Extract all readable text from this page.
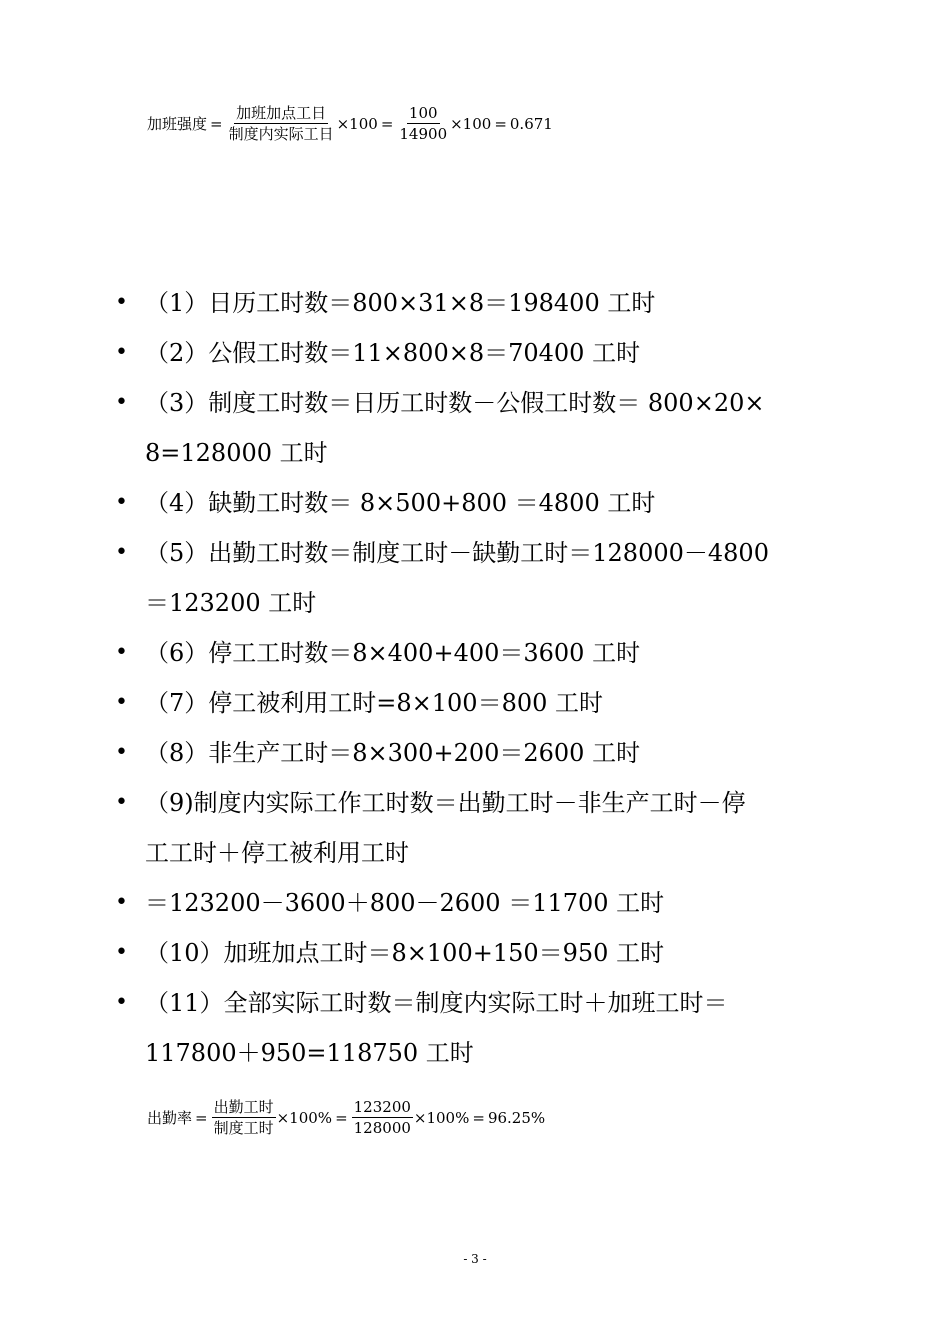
加班强度 = $\frac{\text{加班加点工日}}{\text{制度内实际工日}} \times 100 = \frac{100}{14900} \times 100 = 0.671$
• （1）日历工时数＝800×31×8＝198400 工时
• （2）公假工时数＝11×800×8＝70400 工时
• （3）制度工时数＝日历工时数－公假工时数＝ 800×20×
8=128000 工时
• （4）缺勤工时数＝ 8×500+800 ＝4800 工时
• （5）出勤工时数＝制度工时－缺勤工时＝128000－4800
＝123200 工时
• （6）停工工时数＝8×400+400＝3600 工时
• （7）停工被利用工时=8×100＝800 工时
• （8）非生产工时＝8×300+200＝2600 工时
• （9)制度内实际工作工时数＝出勤工时－非生产工时－停
工工时＋停工被利用工时
• ＝123200－3600＋800－2600 ＝11700 工时
• （10）加班加点工时＝8×100+150＝950 工时
• （11）全部实际工时数＝制度内实际工时＋加班工时＝
117800＋950=118750 工时
出勤率 = $\frac{\text{出勤工时}}{\text{制度工时}} \times 100\% = \frac{123200}{128000} \times 100\% = 96.25\%$
- 3 -
